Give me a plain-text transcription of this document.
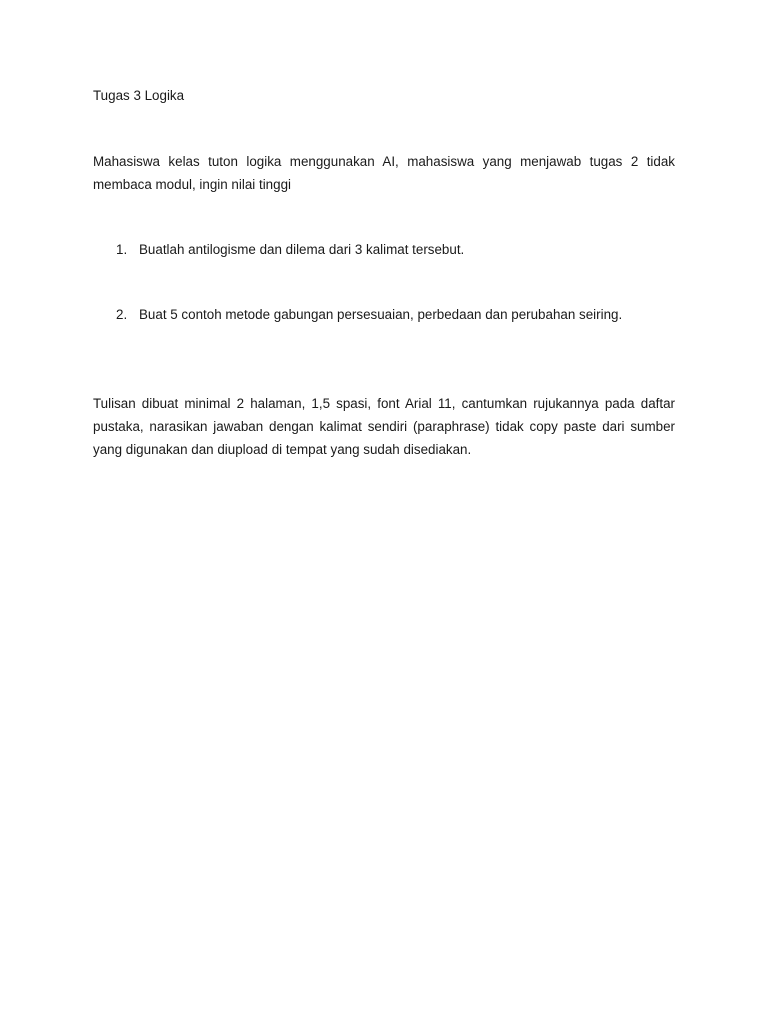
Tugas 3 Logika
Mahasiswa kelas tuton logika menggunakan AI, mahasiswa yang menjawab tugas 2 tidak membaca modul, ingin nilai tinggi
1. Buatlah antilogisme dan dilema dari 3 kalimat tersebut.
2. Buat 5 contoh metode gabungan persesuaian, perbedaan dan perubahan seiring.
Tulisan dibuat minimal 2 halaman, 1,5 spasi, font Arial 11, cantumkan rujukannya pada daftar pustaka, narasikan jawaban dengan kalimat sendiri (paraphrase) tidak copy paste dari sumber yang digunakan dan diupload di tempat yang sudah disediakan.
